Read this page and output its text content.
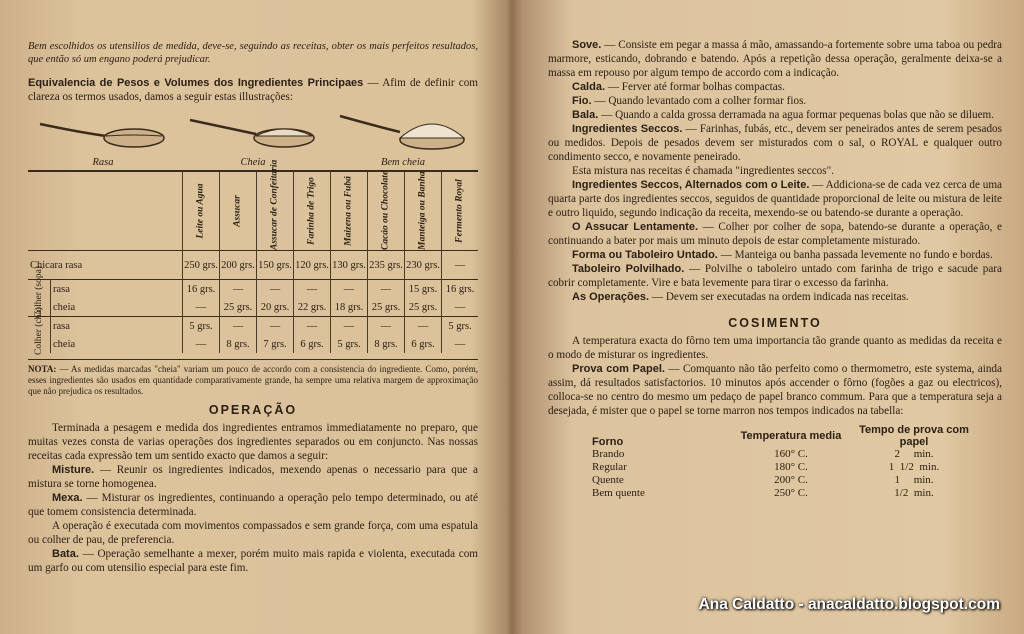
Bem escolhidos os utensilios de medida, deve-se, seguindo as receitas, obter os mais perfeitos resultados, que então só um engano poderá prejudicar.

Equivalencia de Pesos e Volumes dos Ingredientes Principaes — Afim de definir com clareza os termos usados, damos a seguir estas illustrações:

Rasa	Cheia	Bem cheia

		Leite ou Agua	Assucar	Assucar de Confeitaria	Farinha de Trigo	Maizena ou Fubá	Cacáo ou Chocolate	Manteiga ou Banha	Fermento Royal

Chicara rasa		250 grs.	200 grs.	150 grs.	120 grs.	130 grs.	235 grs.	230 grs.	—

Colher (sopa)	rasa	16 grs.	—	—	—	—	—	15 grs.	16 grs.
	cheia	—	25 grs.	20 grs.	22 grs.	18 grs.	25 grs.	25 grs.	—

Colher (chá)	rasa	5 grs.	—	—	—	—	—	—	5 grs.
	cheia	—	8 grs.	7 grs.	6 grs.	5 grs.	8 grs.	6 grs.	—

NOTA: — As medidas marcadas "cheia" variam um pouco de accordo com a consistencia do ingrediente. Como, porém, esses ingredientes são usados em quantidade comparativamente grande, ha sempre uma relativa margem de approximação que não prejudica os resultados.

OPERAÇÃO

Terminada a pesagem e medida dos ingredientes entramos immediatamente no preparo, que muitas vezes consta de varias operações dos ingredientes separados ou em conjuncto. Nas nossas receitas cada expressão tem um sentido exacto que damos a seguir:

Misture. — Reunir os ingredientes indicados, mexendo apenas o necessario para que a mistura se torne homogenea.

Mexa. — Misturar os ingredientes, continuando a operação pelo tempo determinado, ou até que tomem consistencia determinada.

A operação é executada com movimentos compassados e sem grande força, com uma espatula ou colher de pau, de preferencia.

Bata. — Operação semelhante a mexer, porém muito mais rapida e violenta, executada com um garfo ou com utensilio especial para este fim.

Sove. — Consiste em pegar a massa á mão, amassando-a fortemente sobre uma taboa ou pedra marmore, esticando, dobrando e batendo. Após a repetição dessa operação, geralmente deixa-se a massa em repouso por algum tempo de accordo com a indicação.

Calda. — Ferver até formar bolhas compactas.

Fio. — Quando levantado com a colher formar fios.

Bala. — Quando a calda grossa derramada na agua formar pequenas bolas que não se diluem.

Ingredientes Seccos. — Farinhas, fubás, etc., devem ser peneirados antes de serem pesados ou medidos. Depois de pesados devem ser misturados com o sal, o ROYAL e qualquer outro condimento secco, e novamente peneirado.

Esta mistura nas receitas é chamada "ingredientes seccos".

Ingredientes Seccos, Alternados com o Leite. — Addiciona-se de cada vez cerca de uma quarta parte dos ingredientes seccos, seguidos de quantidade proporcional de leite ou mistura de leite e outro liquido, segundo indicação da receita, mexendo-se ou batendo-se durante a operação.

O Assucar Lentamente. — Colher por colher de sopa, batendo-se durante a operação, e continuando a bater por mais um minuto depois de estar completamente misturado.

Forma ou Taboleiro Untado. — Manteiga ou banha passada levemente no fundo e bordas.

Taboleiro Polvilhado. — Polvilhe o taboleiro untado com farinha de trigo e sacude para cobrir completamente. Vire e bata levemente para tirar o excesso da farinha.

As Operações. — Devem ser executadas na ordem indicada nas receitas.

COSIMENTO

A temperatura exacta do fôrno tem uma importancia tão grande quanto as medidas da receita e o modo de misturar os ingredientes.

Prova com Papel. — Comquanto não tão perfeito como o thermometro, este systema, ainda assim, dá resultados satisfactorios. 10 minutos após accender o fôrno (fogões a gaz ou electricos), colloca-se no centro do mesmo um pedaço de papel branco commum. Para que a temperatura seja a desejada, é mister que o papel se torne marron nos tempos indicados na tabella:

Forno	Temperatura media	Tempo de prova com papel
Brando	160° C.	2     min.
Regular	180° C.	1  1/2  min.
Quente	200° C.	1     min.
Bem quente	250° C.	1/2  min.
Ana Caldatto - anacaldatto.blogspot.com
